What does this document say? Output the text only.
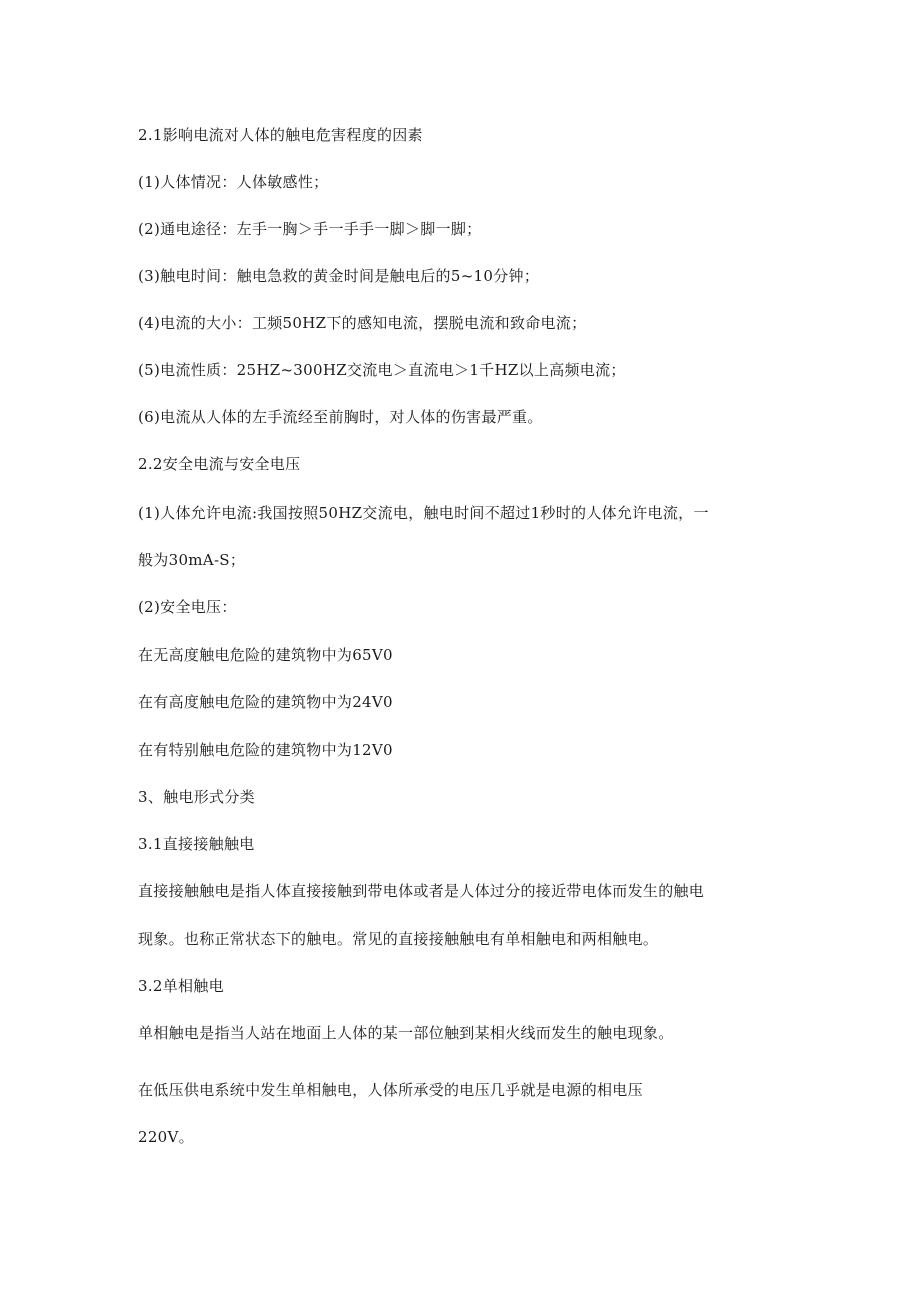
2.1影响电流对人体的触电危害程度的因素
(1)人体情况：人体敏感性；
(2)通电途径：左手一胸＞手一手手一脚＞脚一脚；
(3)触电时间：触电急救的黄金时间是触电后的5~10分钟；
(4)电流的大小：工频50HZ下的感知电流，摆脱电流和致命电流；
(5)电流性质：25HZ~300HZ交流电＞直流电＞1千HZ以上高频电流；
(6)电流从人体的左手流经至前胸时，对人体的伤害最严重。
2.2安全电流与安全电压
(1)人体允许电流:我国按照50HZ交流电，触电时间不超过1秒时的人体允许电流，一
般为30mA-S；
(2)安全电压：
在无高度触电危险的建筑物中为65V0
在有高度触电危险的建筑物中为24V0
在有特别触电危险的建筑物中为12V0
3、触电形式分类
3.1直接接触触电
直接接触触电是指人体直接接触到带电体或者是人体过分的接近带电体而发生的触电
现象。也称正常状态下的触电。常见的直接接触触电有单相触电和两相触电。
3.2单相触电
单相触电是指当人站在地面上人体的某一部位触到某相火线而发生的触电现象。
在低压供电系统中发生单相触电，人体所承受的电压几乎就是电源的相电压
220V。
